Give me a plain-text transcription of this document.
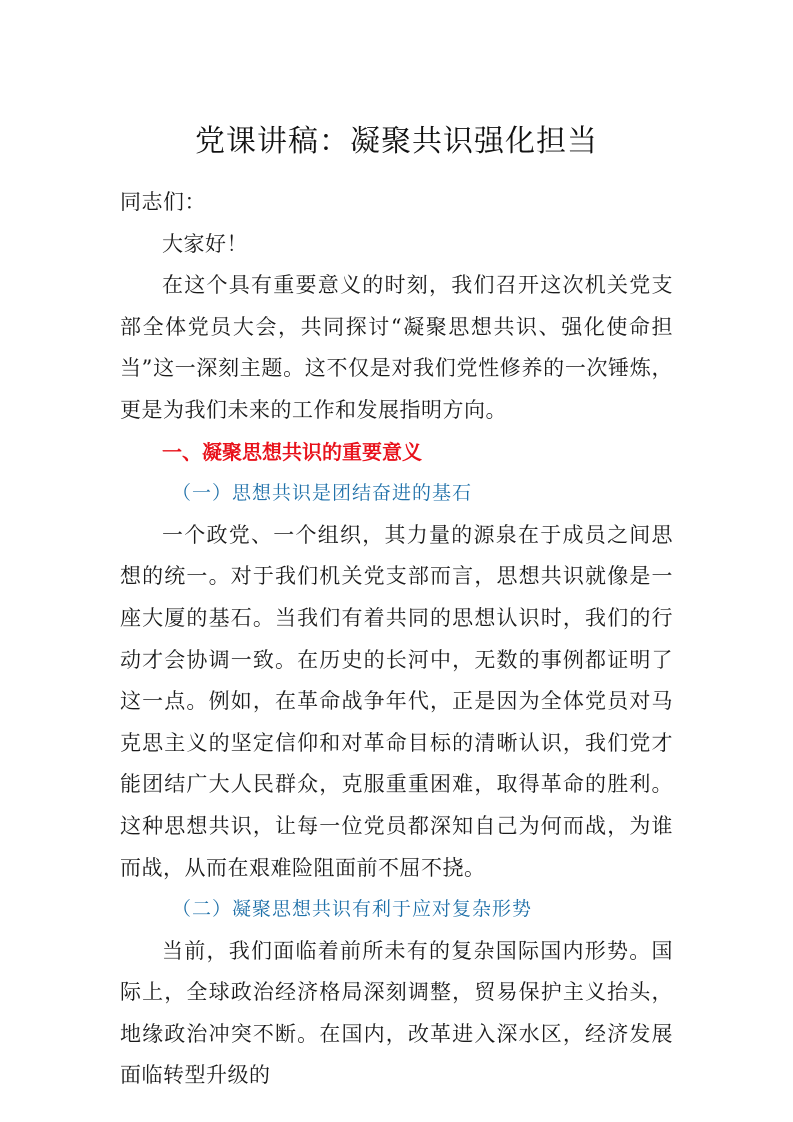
党课讲稿：凝聚共识强化担当

同志们：

大家好！

在这个具有重要意义的时刻，我们召开这次机关党支部全体党员大会，共同探讨“凝聚思想共识、强化使命担当”这一深刻主题。这不仅是对我们党性修养的一次锤炼，更是为我们未来的工作和发展指明方向。

一、凝聚思想共识的重要意义

（一）思想共识是团结奋进的基石

一个政党、一个组织，其力量的源泉在于成员之间思想的统一。对于我们机关党支部而言，思想共识就像是一座大厦的基石。当我们有着共同的思想认识时，我们的行动才会协调一致。在历史的长河中，无数的事例都证明了这一点。例如，在革命战争年代，正是因为全体党员对马克思主义的坚定信仰和对革命目标的清晰认识，我们党才能团结广大人民群众，克服重重困难，取得革命的胜利。这种思想共识，让每一位党员都深知自己为何而战，为谁而战，从而在艰难险阻面前不屈不挠。

（二）凝聚思想共识有利于应对复杂形势

当前，我们面临着前所未有的复杂国际国内形势。国际上，全球政治经济格局深刻调整，贸易保护主义抬头，地缘政治冲突不断。在国内，改革进入深水区，经济发展面临转型升级的
